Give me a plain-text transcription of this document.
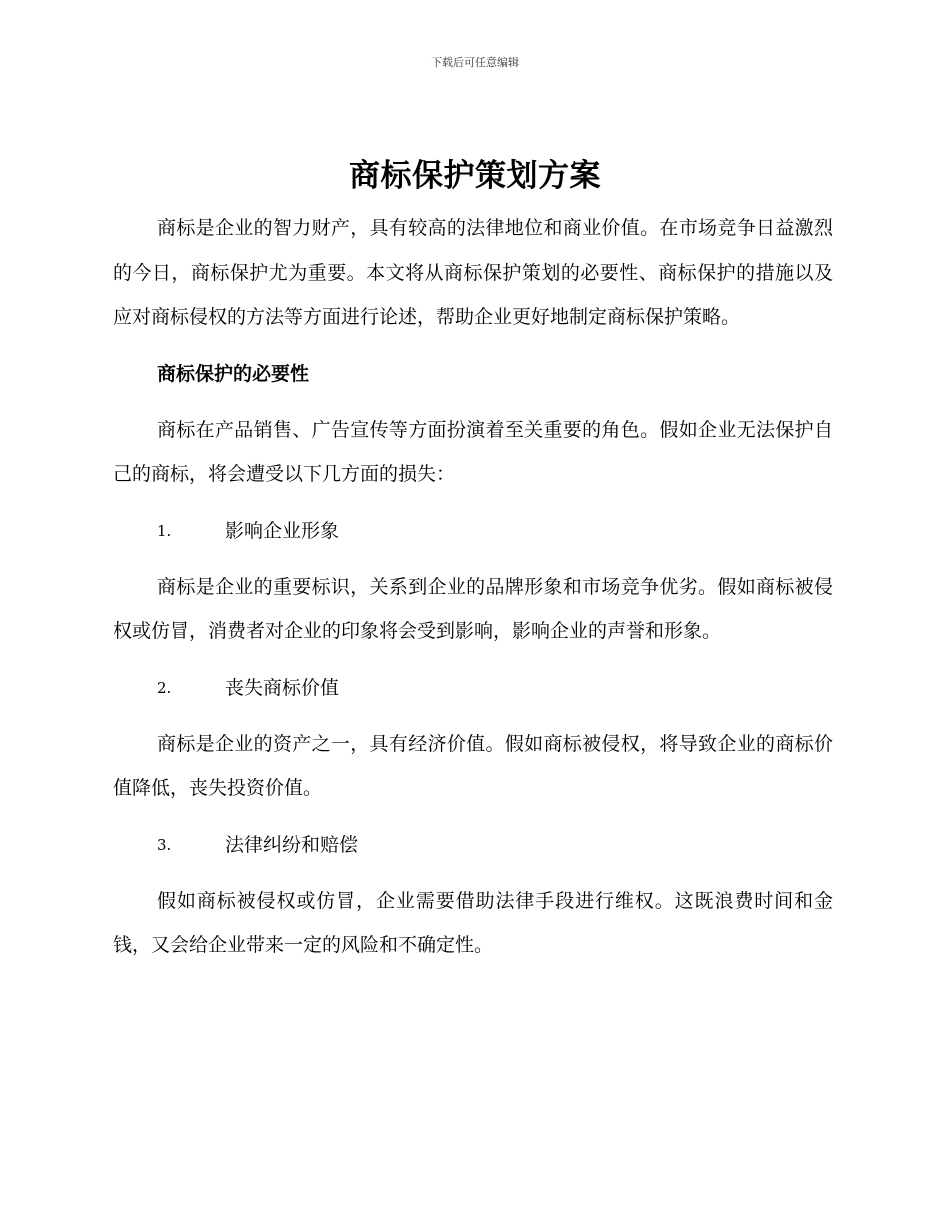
下载后可任意编辑
商标保护策划方案

商标是企业的智力财产，具有较高的法律地位和商业价值。在市场竞争日益激烈的今日，商标保护尤为重要。本文将从商标保护策划的必要性、商标保护的措施以及应对商标侵权的方法等方面进行论述，帮助企业更好地制定商标保护策略。

商标保护的必要性

商标在产品销售、广告宣传等方面扮演着至关重要的角色。假如企业无法保护自己的商标，将会遭受以下几方面的损失：

1.	影响企业形象

商标是企业的重要标识，关系到企业的品牌形象和市场竞争优劣。假如商标被侵权或仿冒，消费者对企业的印象将会受到影响，影响企业的声誉和形象。

2.	丧失商标价值

商标是企业的资产之一，具有经济价值。假如商标被侵权，将导致企业的商标价值降低，丧失投资价值。

3.	法律纠纷和赔偿

假如商标被侵权或仿冒，企业需要借助法律手段进行维权。这既浪费时间和金钱，又会给企业带来一定的风险和不确定性。
